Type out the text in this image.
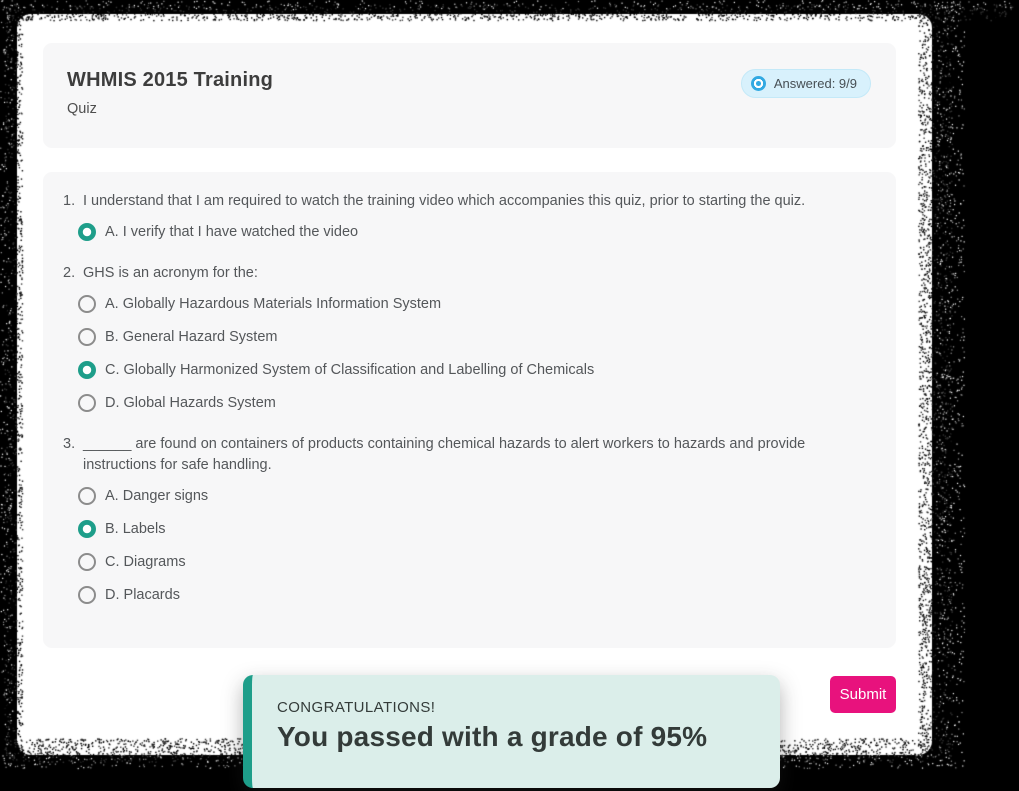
WHMIS 2015 Training
Quiz
Answered: 9/9
1. I understand that I am required to watch the training video which accompanies this quiz, prior to starting the quiz.
A. I verify that I have watched the video
2. GHS is an acronym for the:
A. Globally Hazardous Materials Information System
B. General Hazard System
C. Globally Harmonized System of Classification and Labelling of Chemicals
D. Global Hazards System
3. ______ are found on containers of products containing chemical hazards to alert workers to hazards and provide instructions for safe handling.
A. Danger signs
B. Labels
C. Diagrams
D. Placards
Submit
CONGRATULATIONS!
You passed with a grade of 95%
